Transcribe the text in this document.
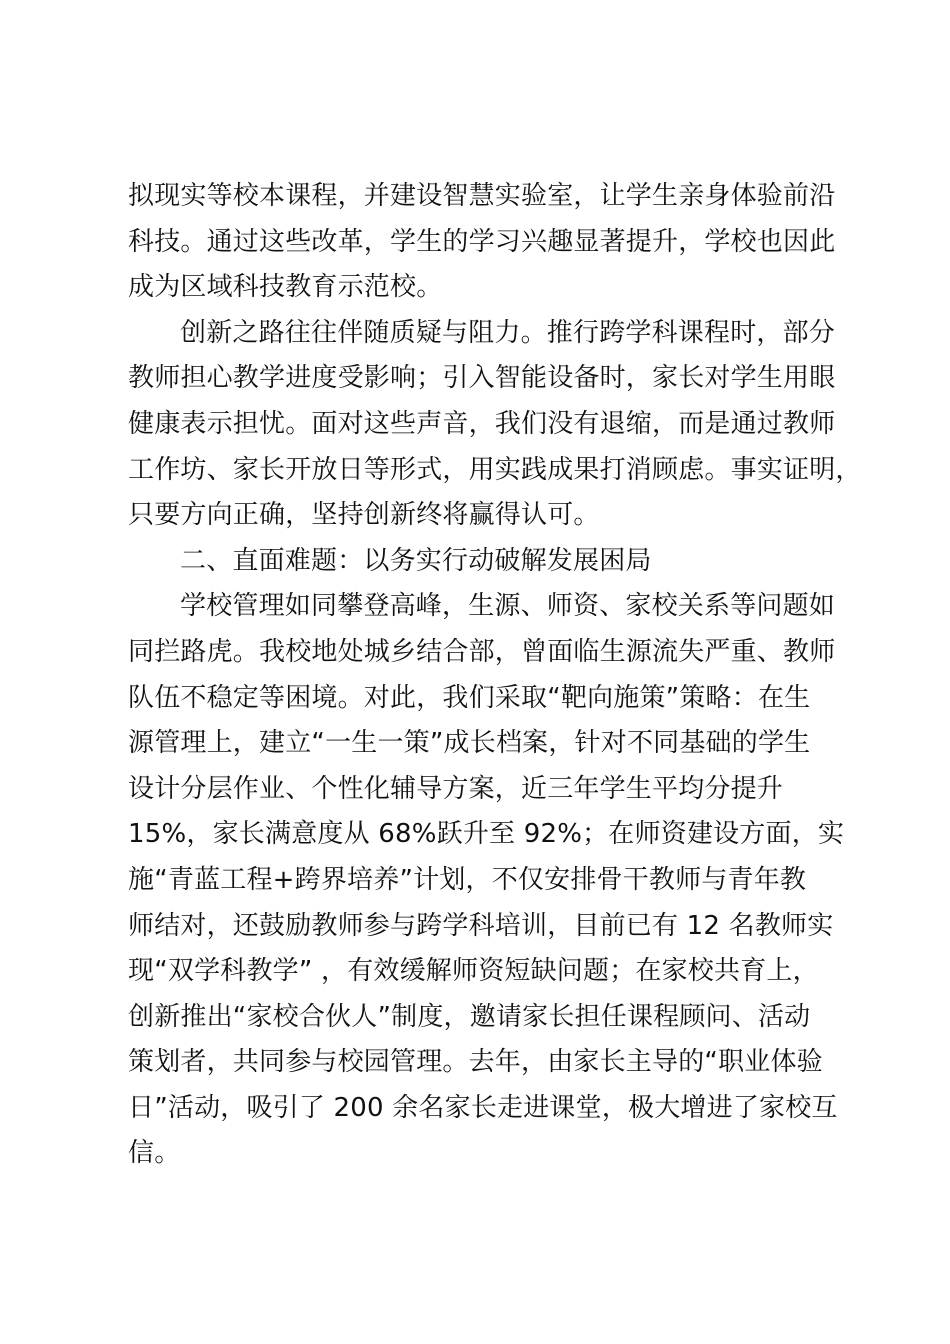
拟现实等校本课程，并建设智慧实验室，让学生亲身体验前沿
科技。通过这些改革，学生的学习兴趣显著提升，学校也因此
成为区域科技教育示范校。
创新之路往往伴随质疑与阻力。推行跨学科课程时，部分
教师担心教学进度受影响；引入智能设备时，家长对学生用眼
健康表示担忧。面对这些声音，我们没有退缩，而是通过教师
工作坊、家长开放日等形式，用实践成果打消顾虑。事实证明，
只要方向正确，坚持创新终将赢得认可。
二、直面难题：以务实行动破解发展困局
学校管理如同攀登高峰，生源、师资、家校关系等问题如
同拦路虎。我校地处城乡结合部，曾面临生源流失严重、教师
队伍不稳定等困境。对此，我们采取“靶向施策”策略：在生
源管理上，建立“一生一策”成长档案，针对不同基础的学生
设计分层作业、个性化辅导方案，近三年学生平均分提升
15%，家长满意度从 68%跃升至 92%；在师资建设方面，实
施“青蓝工程+跨界培养”计划，不仅安排骨干教师与青年教
师结对，还鼓励教师参与跨学科培训，目前已有 12 名教师实
现“双学科教学” ，有效缓解师资短缺问题；在家校共育上，
创新推出“家校合伙人”制度，邀请家长担任课程顾问、活动
策划者，共同参与校园管理。去年，由家长主导的“职业体验
日”活动，吸引了 200 余名家长走进课堂，极大增进了家校互
信。
